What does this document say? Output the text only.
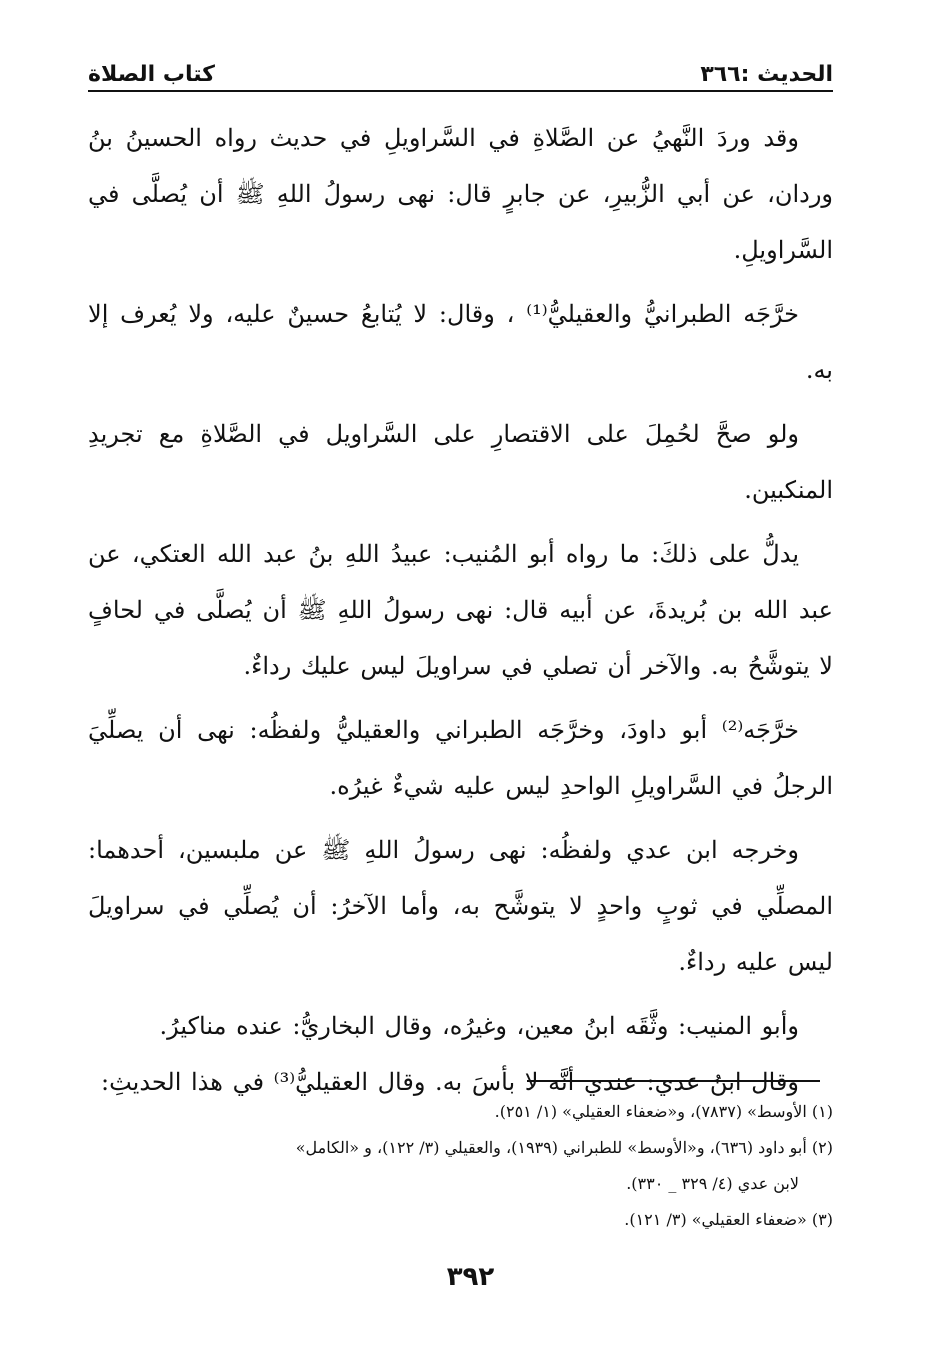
الحديث :٣٦٦
كتاب الصلاة

وقد وردَ النَّهيُ عن الصَّلاةِ في السَّراويلِ في حديث رواه الحسينُ بنُ وردان، عن أبي الزُّبيرِ، عن جابرٍ قال: نهى رسولُ اللهِ ﷺ أن يُصلَّى في السَّراويلِ.

خرَّجَه الطبرانيُّ والعقيليُّ⁽¹⁾ ، وقال: لا يُتابعُ حسينٌ عليه، ولا يُعرف إلا به.

ولو صحَّ لحُمِلَ على الاقتصارِ على السَّراويل في الصَّلاةِ مع تجريدِ المنكبين.

يدلُّ على ذلكَ: ما رواه أبو المُنيب: عبيدُ اللهِ بنُ عبد الله العتكي، عن عبد الله بن بُريدةَ، عن أبيه قال: نهى رسولُ اللهِ ﷺ أن يُصلَّى في لحافٍ لا يتوشَّحُ به. والآخر أن تصلي في سراويلَ ليس عليك رداءٌ.

خرَّجَه⁽²⁾ أبو داودَ، وخرَّجَه الطبراني والعقيليُّ ولفظُه: نهى أن يصلِّيَ الرجلُ في السَّراويلِ الواحدِ ليس عليه شيءٌ غيرُه.

وخرجه ابن عدي ولفظُه: نهى رسولُ اللهِ ﷺ عن ملبسين، أحدهما: المصلِّي في ثوبٍ واحدٍ لا يتوشَّح به، وأما الآخرُ: أن يُصلِّي في سراويلَ ليس عليه رداءٌ.

وأبو المنيب: وثَّقَه ابنُ معين، وغيرُه، وقال البخاريُّ: عنده مناكيرُ.

وقال ابنُ عدي: عندي أنَّه لا بأسَ به. وقال العقيليُّ⁽³⁾ في هذا الحديثِ:

(١) الأوسط» (٧٨٣٧)، و«ضعفاء العقيلي» (١/ ٢٥١).

(٢) أبو داود (٦٣٦)، و«الأوسط» للطبراني (١٩٣٩)، والعقيلي (٣/ ١٢٢)، و «الكامل»

لابن عدي (٤/ ٣٢٩ _ ٣٣٠).

(٣) «ضعفاء العقيلي» (٣/ ١٢١).

٣٩٢
